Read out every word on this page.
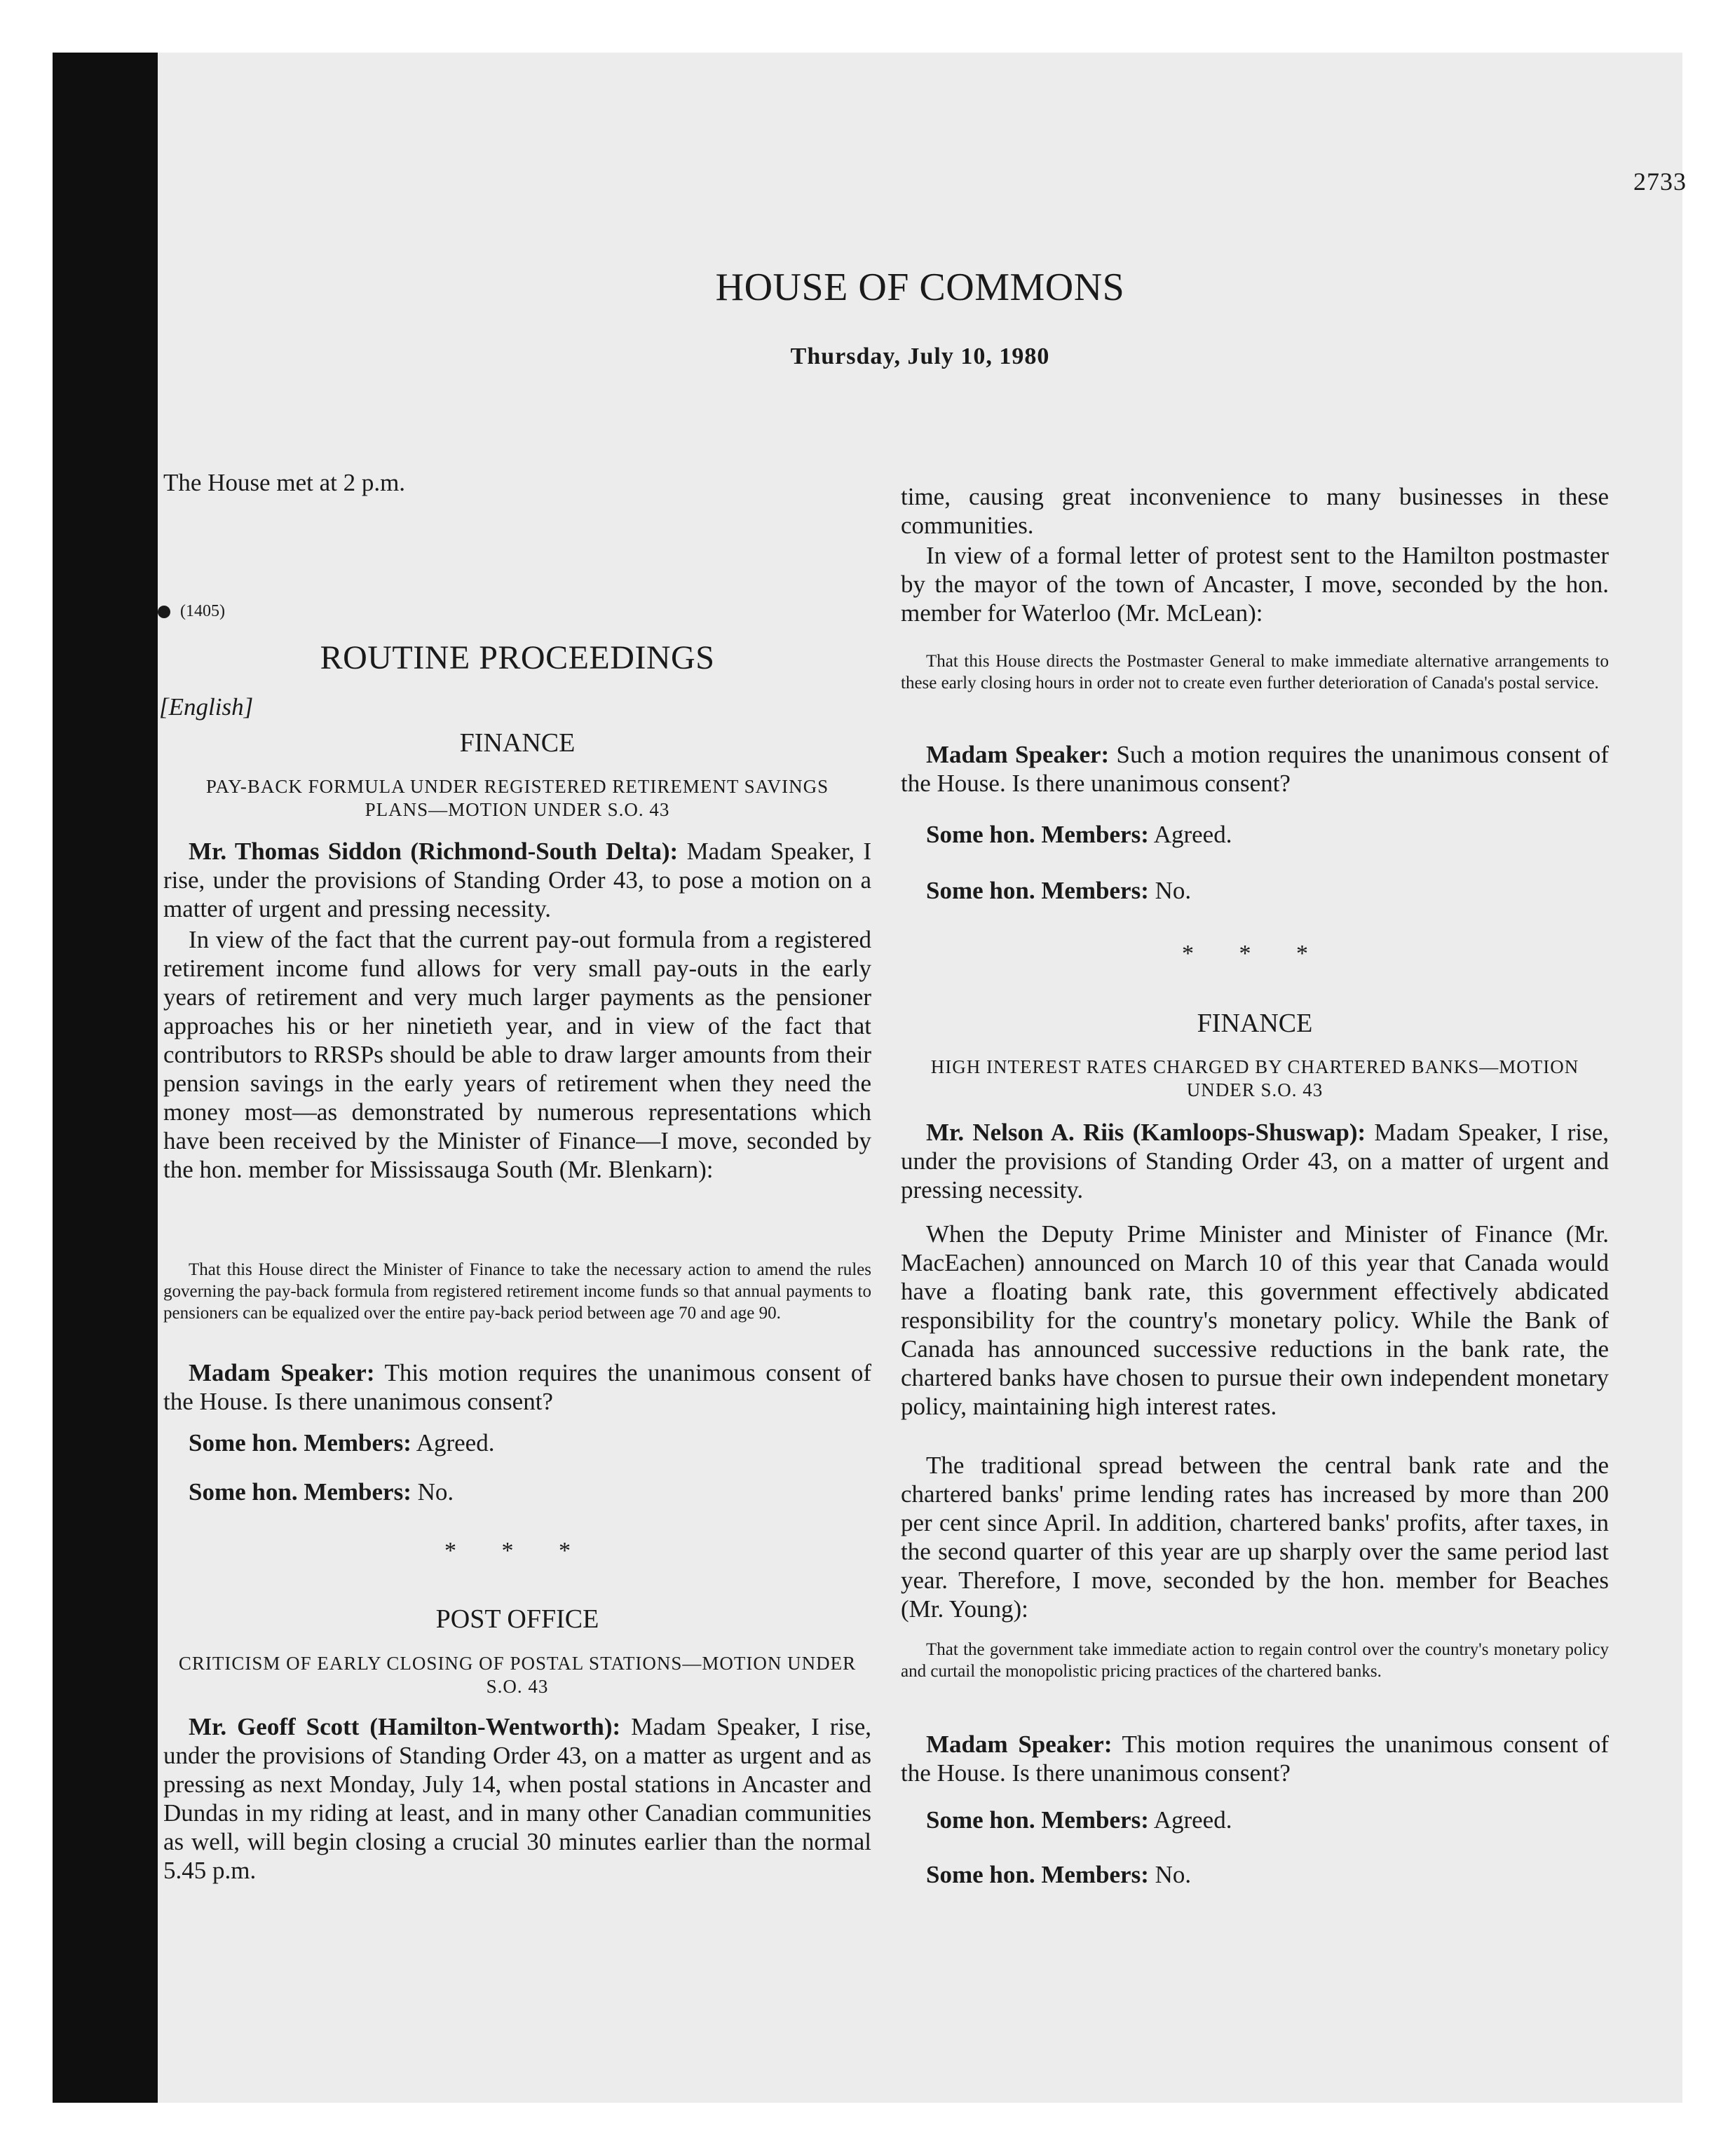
2733
HOUSE OF COMMONS
Thursday, July 10, 1980
The House met at 2 p.m.
(1405)
ROUTINE PROCEEDINGS
[English]
FINANCE
PAY-BACK FORMULA UNDER REGISTERED RETIREMENT SAVINGS PLANS—MOTION UNDER S.O. 43

Mr. Thomas Siddon (Richmond-South Delta): Madam Speaker, I rise, under the provisions of Standing Order 43, to pose a motion on a matter of urgent and pressing necessity.

In view of the fact that the current pay-out formula from a registered retirement income fund allows for very small pay-outs in the early years of retirement and very much larger payments as the pensioner approaches his or her ninetieth year, and in view of the fact that contributors to RRSPs should be able to draw larger amounts from their pension savings in the early years of retirement when they need the money most—as demonstrated by numerous representations which have been received by the Minister of Finance—I move, seconded by the hon. member for Mississauga South (Mr. Blenkarn):

That this House direct the Minister of Finance to take the necessary action to amend the rules governing the pay-back formula from registered retirement income funds so that annual payments to pensioners can be equalized over the entire pay-back period between age 70 and age 90.

Madam Speaker: This motion requires the unanimous consent of the House. Is there unanimous consent?

Some hon. Members: Agreed.

Some hon. Members: No.

* * *
POST OFFICE
CRITICISM OF EARLY CLOSING OF POSTAL STATIONS—MOTION UNDER S.O. 43

Mr. Geoff Scott (Hamilton-Wentworth): Madam Speaker, I rise, under the provisions of Standing Order 43, on a matter as urgent and as pressing as next Monday, July 14, when postal stations in Ancaster and Dundas in my riding at least, and in many other Canadian communities as well, will begin closing a crucial 30 minutes earlier than the normal 5.45 p.m.

time, causing great inconvenience to many businesses in these communities.

In view of a formal letter of protest sent to the Hamilton postmaster by the mayor of the town of Ancaster, I move, seconded by the hon. member for Waterloo (Mr. McLean):

That this House directs the Postmaster General to make immediate alternative arrangements to these early closing hours in order not to create even further deterioration of Canada's postal service.

Madam Speaker: Such a motion requires the unanimous consent of the House. Is there unanimous consent?

Some hon. Members: Agreed.

Some hon. Members: No.

* * *
FINANCE
HIGH INTEREST RATES CHARGED BY CHARTERED BANKS—MOTION UNDER S.O. 43

Mr. Nelson A. Riis (Kamloops-Shuswap): Madam Speaker, I rise, under the provisions of Standing Order 43, on a matter of urgent and pressing necessity.

When the Deputy Prime Minister and Minister of Finance (Mr. MacEachen) announced on March 10 of this year that Canada would have a floating bank rate, this government effectively abdicated responsibility for the country's monetary policy. While the Bank of Canada has announced successive reductions in the bank rate, the chartered banks have chosen to pursue their own independent monetary policy, maintaining high interest rates.

The traditional spread between the central bank rate and the chartered banks' prime lending rates has increased by more than 200 per cent since April. In addition, chartered banks' profits, after taxes, in the second quarter of this year are up sharply over the same period last year. Therefore, I move, seconded by the hon. member for Beaches (Mr. Young):

That the government take immediate action to regain control over the country's monetary policy and curtail the monopolistic pricing practices of the chartered banks.

Madam Speaker: This motion requires the unanimous consent of the House. Is there unanimous consent?

Some hon. Members: Agreed.

Some hon. Members: No.
